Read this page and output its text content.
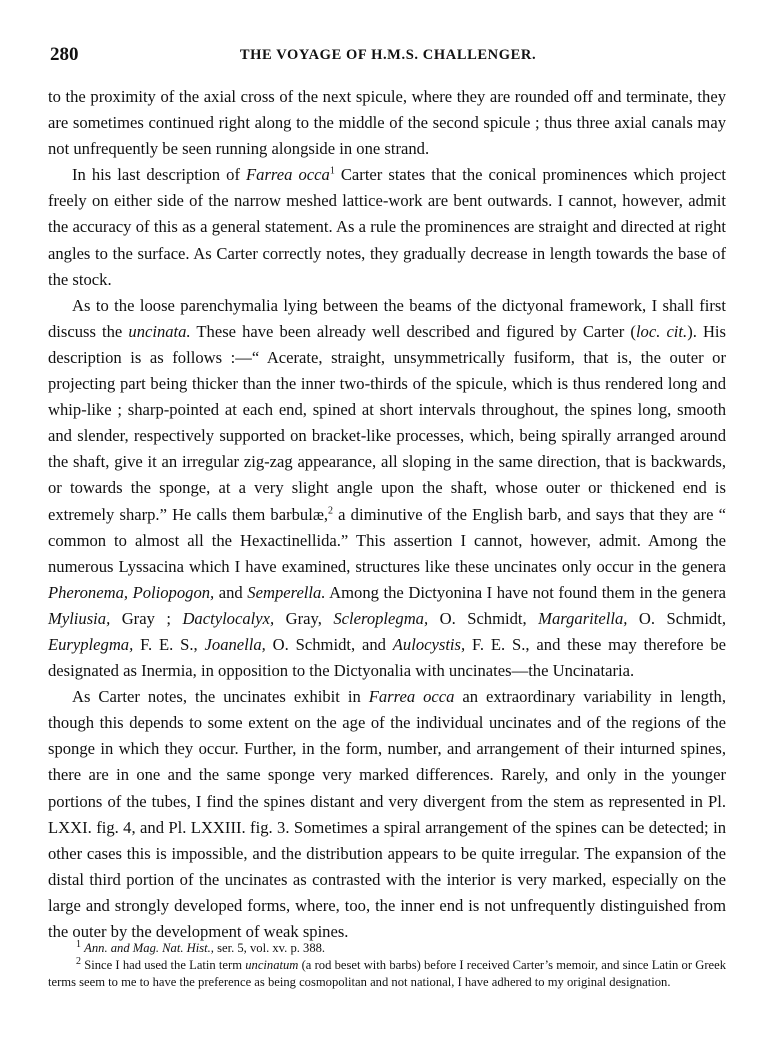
280	THE VOYAGE OF H.M.S. CHALLENGER.

to the proximity of the axial cross of the next spicule, where they are rounded off and terminate, they are sometimes continued right along to the middle of the second spicule ; thus three axial canals may not unfrequently be seen running alongside in one strand.

In his last description of Farrea occa$^1$ Carter states that the conical prominences which project freely on either side of the narrow meshed lattice-work are bent outwards. I cannot, however, admit the accuracy of this as a general statement. As a rule the prominences are straight and directed at right angles to the surface. As Carter correctly notes, they gradually decrease in length towards the base of the stock.

As to the loose parenchymalia lying between the beams of the dictyonal framework, I shall first discuss the uncinata. These have been already well described and figured by Carter (loc. cit.). His description is as follows :—“ Acerate, straight, unsymmetrically fusiform, that is, the outer or projecting part being thicker than the inner two-thirds of the spicule, which is thus rendered long and whip-like ; sharp-pointed at each end, spined at short intervals throughout, the spines long, smooth and slender, respectively supported on bracket-like processes, which, being spirally arranged around the shaft, give it an irregular zig-zag appearance, all sloping in the same direction, that is backwards, or towards the sponge, at a very slight angle upon the shaft, whose outer or thickened end is extremely sharp.” He calls them barbulæ,$^2$ a diminutive of the English barb, and says that they are “ common to almost all the Hexactinellida.” This assertion I cannot, however, admit. Among the numerous Lyssacina which I have examined, structures like these uncinates only occur in the genera Pheronema, Poliopogon, and Semperella. Among the Dictyonina I have not found them in the genera Myliusia, Gray ; Dactylocalyx, Gray, Scleroplegma, O. Schmidt, Margaritella, O. Schmidt, Euryplegma, F. E. S., Joanella, O. Schmidt, and Aulocystis, F. E. S., and these may therefore be designated as Inermia, in opposition to the Dictyonalia with uncinates—the Uncinataria.

As Carter notes, the uncinates exhibit in Farrea occa an extraordinary variability in length, though this depends to some extent on the age of the individual uncinates and of the regions of the sponge in which they occur. Further, in the form, number, and arrangement of their inturned spines, there are in one and the same sponge very marked differences. Rarely, and only in the younger portions of the tubes, I find the spines distant and very divergent from the stem as represented in Pl. LXXI. fig. 4, and Pl. LXXIII. fig. 3. Sometimes a spiral arrangement of the spines can be detected; in other cases this is impossible, and the distribution appears to be quite irregular. The expansion of the distal third portion of the uncinates as contrasted with the interior is very marked, especially on the large and strongly developed forms, where, too, the inner end is not unfrequently distinguished from the outer by the development of weak spines.

$^1$ Ann. and Mag. Nat. Hist., ser. 5, vol. xv. p. 388.

$^2$ Since I had used the Latin term uncinatum (a rod beset with barbs) before I received Carter’s memoir, and since Latin or Greek terms seem to me to have the preference as being cosmopolitan and not national, I have adhered to my original designation.
